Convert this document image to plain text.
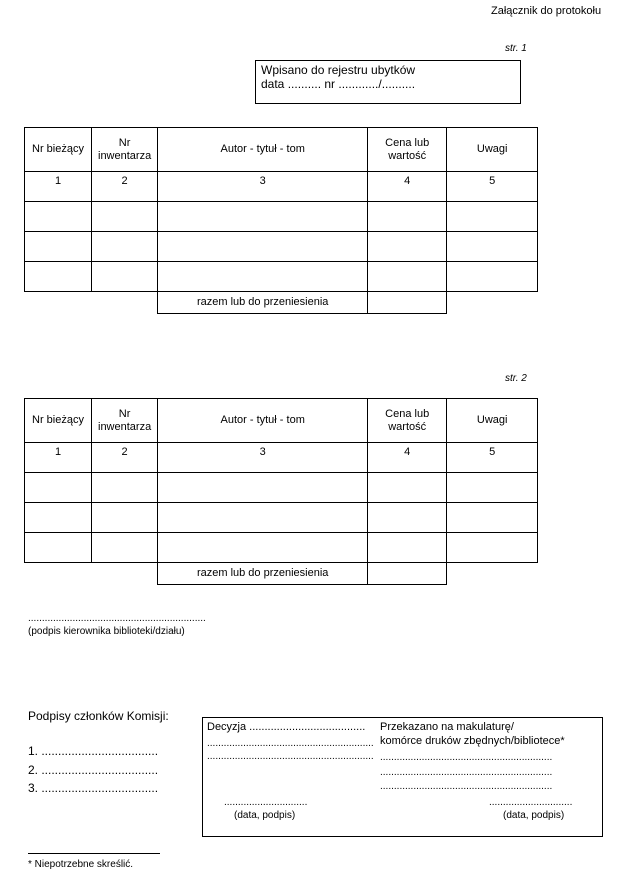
Załącznik do protokołu
str. 1
Wpisano do rejestru ubytków
data .......... nr ............/..........
Nr bieżący	Nr inwentarza	Autor - tytuł - tom	Cena lub wartość	Uwagi
1	2	3	4	5

		razem lub do przeniesienia		
str. 2
Nr bieżący	Nr inwentarza	Autor - tytuł - tom	Cena lub wartość	Uwagi
1	2	3	4	5

		razem lub do przeniesienia		
................................................................
(podpis kierownika biblioteki/działu)
Podpisy członków Komisji:
1. ...................................
2. ...................................
3. ...................................
Decyzja ......................................
............................................................
............................................................
Przekazano na makulaturę/
komórce druków zbędnych/bibliotece*
..............................................................
..............................................................
..............................................................
..............................
(data, podpis)
..............................
(data, podpis)
* Niepotrzebne skreślić.
